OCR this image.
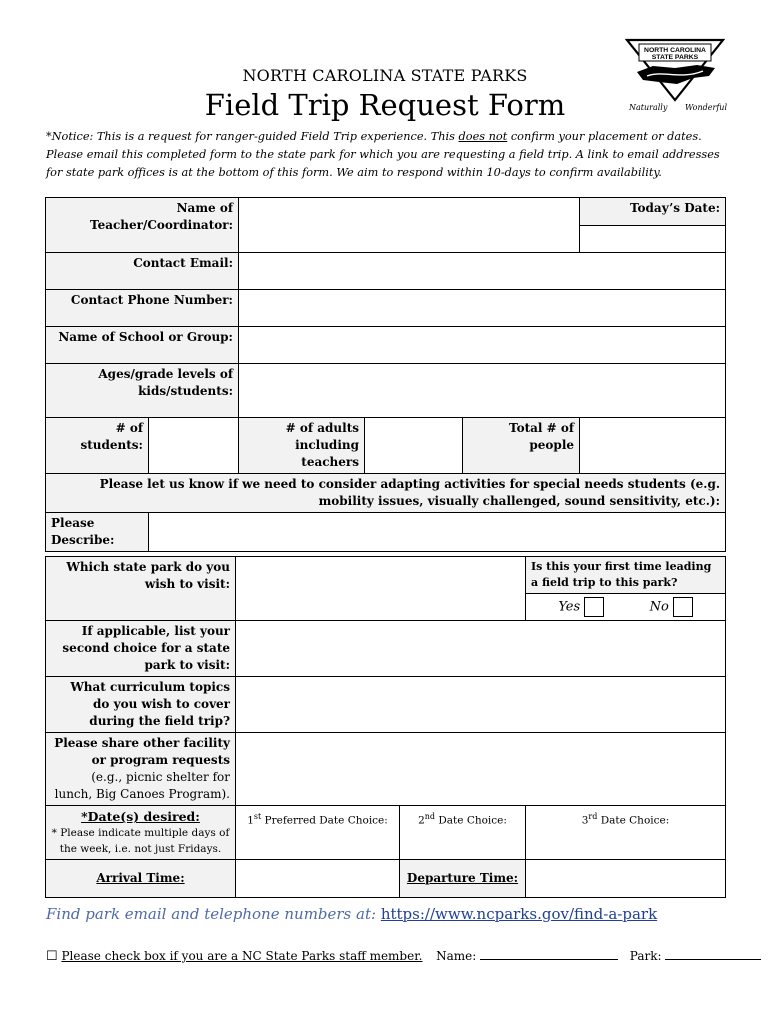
NORTH CAROLINA STATE PARKS
Field Trip Request Form
NORTH CAROLINA
STATE PARKS
Naturally Wonderful
*Notice: This is a request for ranger-guided Field Trip experience. This does not confirm your placement or dates. Please email this completed form to the state park for which you are requesting a field trip. A link to email addresses for state park offices is at the bottom of this form. We aim to respond within 10-days to confirm availability.
Name of Teacher/Coordinator:					Today’s Date:

Contact Email:					
Contact Phone Number:					
Name of School or Group:					
Ages/grade levels of kids/students:					
# of students:		# of adults including teachers		Total # of people	
Please let us know if we need to consider adapting activities for special needs students (e.g. mobility issues, visually challenged, sound sensitivity, etc.):					
Please Describe:					
Which state park do you wish to visit:			Is this your first time leading a field trip to this park?
			Yes No
If applicable, list your second choice for a state park to visit:			
What curriculum topics do you wish to cover during the field trip?			

Please share other facility or program requests
(e.g., picnic shelter for lunch, Big Canoes Program).			

*Date(s) desired:
* Please indicate multiple days of the week, i.e. not just Fridays.	1st Preferred Date Choice:	2nd Date Choice:	3rd Date Choice:
Arrival Time:		Departure Time:	
Find park email and telephone numbers at: https://www.ncparks.gov/find-a-park
☐ Please check box if you are a NC State Parks staff member. Name:	Park:
